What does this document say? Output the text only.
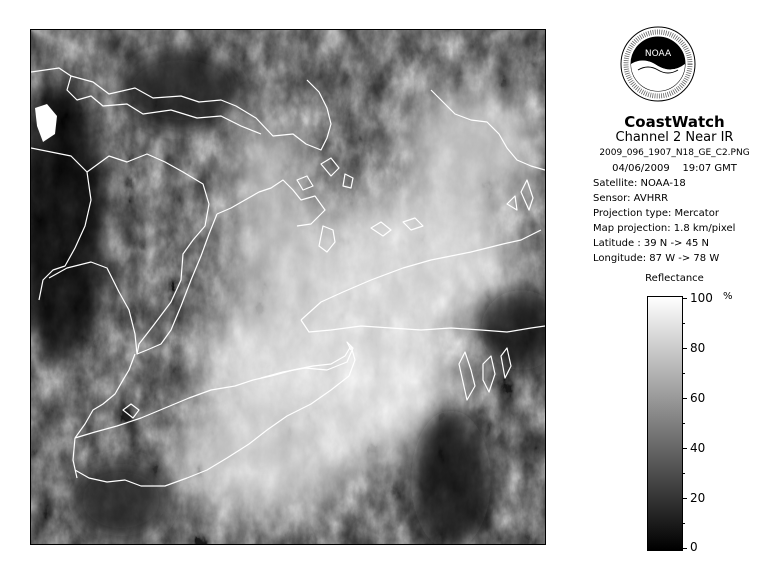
NOAA
CoastWatch
Channel 2 Near IR
2009_096_1907_N18_GE_C2.PNG
04/06/2009 19:07 GMT
Satellite: NOAA-18
Sensor: AVHRR
Projection type: Mercator
Map projection: 1.8 km/pixel
Latitude : 39 N -> 45 N
Longitude: 87 W -> 78 W
Reflectance
%
100
80
60
40
20
0
